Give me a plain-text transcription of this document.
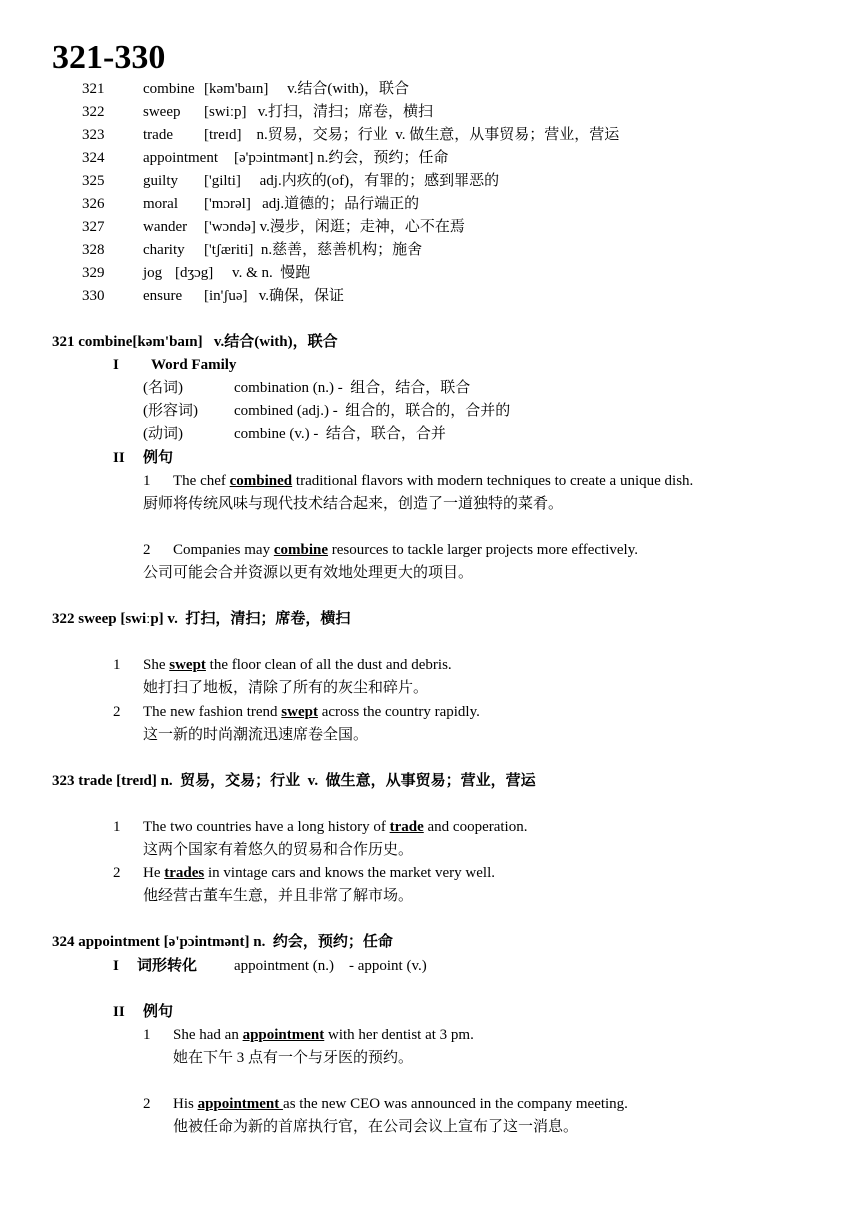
321-330
321	combine [kəm'baɪn]     v.结合(with)，联合
322	sweep [swiːp]   v.打扫，清扫；席卷，横扫
323	trade [treɪd]    n.贸易，交易；行业  v. 做生意，从事贸易；营业，营运
324	appointment [ə'pɔintmənt] n.约会，预约；任命
325	guilty ['gilti]     adj.内疚的(of)，有罪的；感到罪恶的
326	moral ['mɔrəl]   adj.道德的；品行端正的
327	wander ['wɔndə] v.漫步，闲逛；走神，心不在焉
328	charity ['tʃæriti]  n.慈善，慈善机构；施舍
329	jog [dʒɔg]     v. & n.  慢跑
330	ensure [in'ʃuə]   v.确保，保证
321 combine[kəm'baɪn]   v.结合(with)，联合
I Word Family
(名词)	combination (n.) -  组合，结合，联合
(形容词) combined (adj.) -  组合的，联合的，合并的
(动词)	combine (v.) -  结合，联合，合并
II 例句
1 The chef combined traditional flavors with modern techniques to create a unique dish.
厨师将传统风味与现代技术结合起来，创造了一道独特的菜肴。
2 Companies may combine resources to tackle larger projects more effectively.
公司可能会合并资源以更有效地处理更大的项目。
322 sweep [swiːp] v.  打扫，清扫；席卷，横扫
1 She swept the floor clean of all the dust and debris.
她打扫了地板，清除了所有的灰尘和碎片。
2 The new fashion trend swept across the country rapidly.
这一新的时尚潮流迅速席卷全国。
323 trade [treɪd] n.  贸易，交易；行业  v.  做生意，从事贸易；营业，营运
1 The two countries have a long history of trade and cooperation.
这两个国家有着悠久的贸易和合作历史。
2 He trades in vintage cars and knows the market very well.
他经营古董车生意，并且非常了解市场。
324 appointment [ə'pɔintmənt] n.  约会，预约；任命
I 词形转化 appointment (n.)    - appoint (v.)
II 例句
1 She had an appointment with her dentist at 3 pm.
她在下午 3 点有一个与牙医的预约。
2 His appointment as the new CEO was announced in the company meeting.
他被任命为新的首席执行官，在公司会议上宣布了这一消息。
